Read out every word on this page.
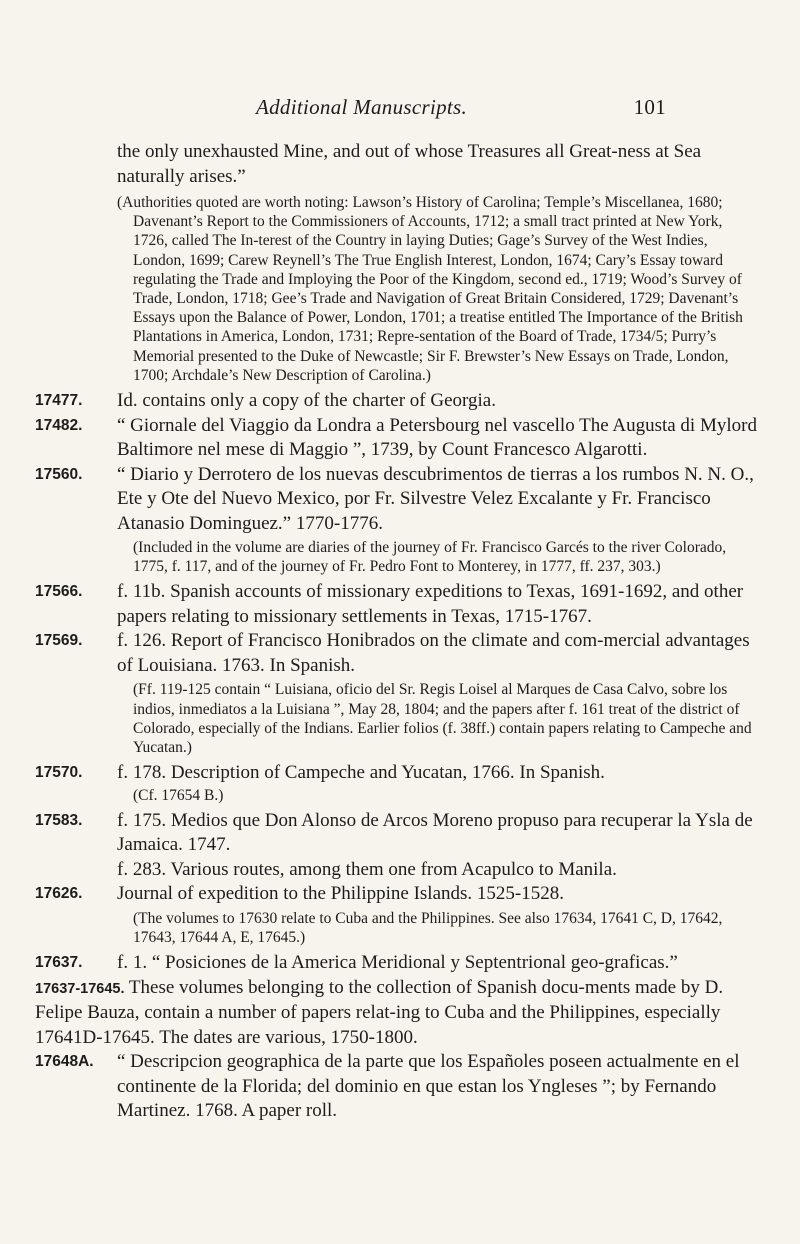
Additional Manuscripts.	101

the only unexhausted Mine, and out of whose Treasures all Great-ness at Sea naturally arises.”

(Authorities quoted are worth noting: Lawson’s History of Carolina; Temple’s Miscellanea, 1680; Davenant’s Report to the Commissioners of Accounts, 1712; a small tract printed at New York, 1726, called The In-terest of the Country in laying Duties; Gage’s Survey of the West Indies, London, 1699; Carew Reynell’s The True English Interest, London, 1674; Cary’s Essay toward regulating the Trade and Imploying the Poor of the Kingdom, second ed., 1719; Wood’s Survey of Trade, London, 1718; Gee’s Trade and Navigation of Great Britain Considered, 1729; Davenant’s Essays upon the Balance of Power, London, 1701; a treatise entitled The Importance of the British Plantations in America, London, 1731; Repre-sentation of the Board of Trade, 1734/5; Purry’s Memorial presented to the Duke of Newcastle; Sir F. Brewster’s New Essays on Trade, London, 1700; Archdale’s New Description of Carolina.)

17477. Id. contains only a copy of the charter of Georgia.
17482. “ Giornale del Viaggio da Londra a Petersbourg nel vascello The Augusta di Mylord Baltimore nel mese di Maggio ”, 1739, by Count Francesco Algarotti.
17560. “ Diario y Derrotero de los nuevas descubrimentos de tierras a los rumbos N. N. O., Ete y Ote del Nuevo Mexico, por Fr. Silvestre Velez Excalante y Fr. Francisco Atanasio Dominguez.” 1770-1776.

(Included in the volume are diaries of the journey of Fr. Francisco Garcés to the river Colorado, 1775, f. 117, and of the journey of Fr. Pedro Font to Monterey, in 1777, ff. 237, 303.)

17566. f. 11b. Spanish accounts of missionary expeditions to Texas, 1691-1692, and other papers relating to missionary settlements in Texas, 1715-1767.
17569. f. 126. Report of Francisco Honibrados on the climate and com-mercial advantages of Louisiana. 1763. In Spanish.

(Ff. 119-125 contain “ Luisiana, oficio del Sr. Regis Loisel al Marques de Casa Calvo, sobre los indios, inmediatos a la Luisiana ”, May 28, 1804; and the papers after f. 161 treat of the district of Colorado, especially of the Indians. Earlier folios (f. 38ff.) contain papers relating to Campeche and Yucatan.)

17570. f. 178. Description of Campeche and Yucatan, 1766. In Spanish.

(Cf. 17654 B.)

17583. f. 175. Medios que Don Alonso de Arcos Moreno propuso para recuperar la Ysla de Jamaica. 1747.
f. 283. Various routes, among them one from Acapulco to Manila.
17626. Journal of expedition to the Philippine Islands. 1525-1528.

(The volumes to 17630 relate to Cuba and the Philippines. See also 17634, 17641 C, D, 17642, 17643, 17644 A, E, 17645.)

17637. f. 1. “ Posiciones de la America Meridional y Septentrional geo-graficas.”
17637-17645. These volumes belonging to the collection of Spanish docu-ments made by D. Felipe Bauza, contain a number of papers relat-ing to Cuba and the Philippines, especially 17641D-17645. The dates are various, 1750-1800.
17648A. “ Descripcion geographica de la parte que los Españoles poseen actualmente en el continente de la Florida; del dominio en que estan los Yngleses ”; by Fernando Martinez. 1768. A paper roll.
